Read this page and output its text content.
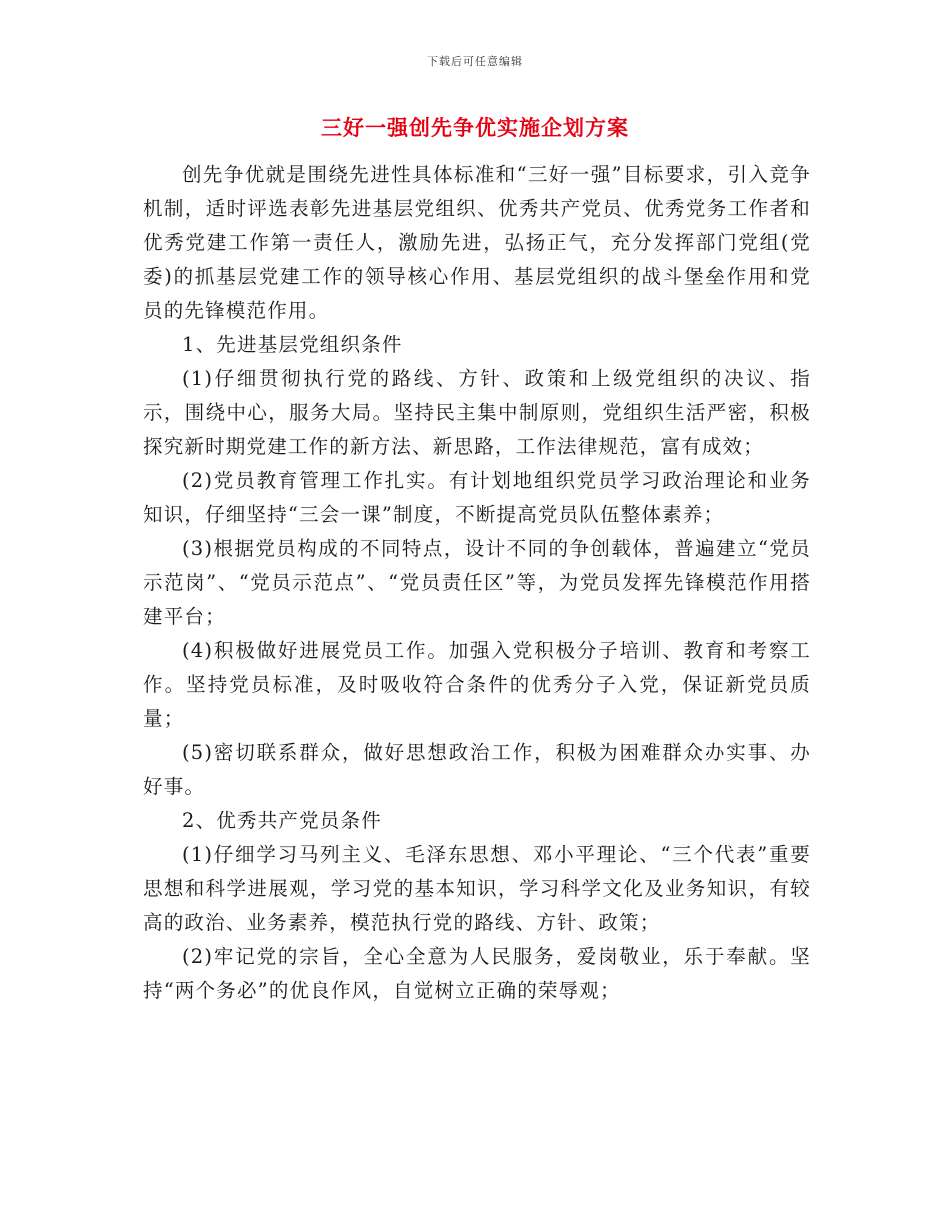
下载后可任意编辑
三好一强创先争优实施企划方案

创先争优就是围绕先进性具体标准和“三好一强”目标要求，引入竞争机制，适时评选表彰先进基层党组织、优秀共产党员、优秀党务工作者和优秀党建工作第一责任人，激励先进，弘扬正气，充分发挥部门党组(党委)的抓基层党建工作的领导核心作用、基层党组织的战斗堡垒作用和党员的先锋模范作用。

1、先进基层党组织条件

(1)仔细贯彻执行党的路线、方针、政策和上级党组织的决议、指示，围绕中心，服务大局。坚持民主集中制原则，党组织生活严密，积极探究新时期党建工作的新方法、新思路，工作法律规范，富有成效；

(2)党员教育管理工作扎实。有计划地组织党员学习政治理论和业务知识，仔细坚持“三会一课”制度，不断提高党员队伍整体素养；

(3)根据党员构成的不同特点，设计不同的争创载体，普遍建立“党员示范岗”、“党员示范点”、“党员责任区”等，为党员发挥先锋模范作用搭建平台；

(4)积极做好进展党员工作。加强入党积极分子培训、教育和考察工作。坚持党员标准，及时吸收符合条件的优秀分子入党，保证新党员质量；

(5)密切联系群众，做好思想政治工作，积极为困难群众办实事、办好事。

2、优秀共产党员条件

(1)仔细学习马列主义、毛泽东思想、邓小平理论、“三个代表”重要思想和科学进展观，学习党的基本知识，学习科学文化及业务知识，有较高的政治、业务素养，模范执行党的路线、方针、政策；

(2)牢记党的宗旨，全心全意为人民服务，爱岗敬业，乐于奉献。坚持“两个务必”的优良作风，自觉树立正确的荣辱观；
